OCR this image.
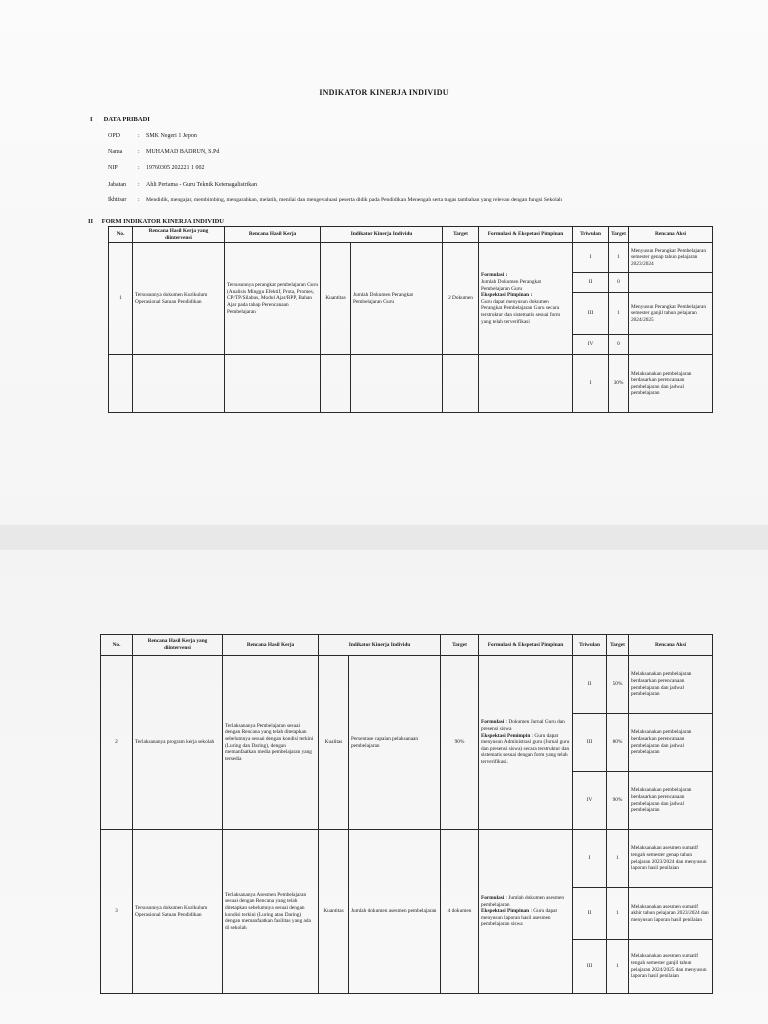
INDIKATOR KINERJA INDIVIDU
I DATA PRIBADI
OPD	:	SMK Negeri 1 Jepon
Nama	:	MUHAMAD BADRUN, S.Pd
NIP	:	19760305 202221 1 002
Jabatan	:	Ahli Pertama - Guru Teknik Ketenagalistrikan
Ikhtisar	:	Mendidik, mengajar, membimbing, mengarahkan, melatih, menilai dan mengevaluasi peserta didik pada Pendidikan Menengah serta tugas tambahan yang relevan dengan fungsi Sekolah
II FORM INDIKATOR KINERJA INDIVIDU
No.	Rencana Hasil Kerja yang diintervensi	Rencana Hasil Kerja	Indikator Kinerja Individu		Target	Formulasi & Ekspetasi Pimpinan	Triwulan	Target	Rencana Aksi
1	Tersusunnya dokumen Kurikulum Operasional Satuan Pendidikan	Tersusunnya perangkat pembelajaran Guru (Analisis Minggu Efektif, Prota, Promes, CP/TP/Silabus, Modul Ajar/RPP, Bahan Ajar pada tahap Perencanaan Pembelajaran	Kuantitas	Jumlah Dokumen Perangkat Pembelajaran Guru	2 Dokumen	Formulasi :
Jumlah Dokumen Perangkat Pembelajaran Guru
Ekspektasi Pimpinan :
Guru dapat menyusun dokumen Perangkat Pembelajaran Guru secara terstruktur dan sistematis sesuai form yang telah terverifikasi	I	1	Menyusun Perangkat Pembelajaran semester genap tahun pelajaran 2023/2024
							II	0	
							III	1	Menyusun Perangkat Pembelajaran semester ganjil tahun pelajaran 2024/2025
							IV	0	
							I	30%	Melaksanakan pembelajaran berdasarkan perencanaan pembelajaran dan jadwal pembelajaran
No.	Rencana Hasil Kerja yang diintervensi	Rencana Hasil Kerja	Indikator Kinerja Individu		Target	Formulasi & Ekspetasi Pimpinan	Triwulan	Target	Rencana Aksi
2	Terlaksananya program kerja sekolah	Terlaksananya Pembelajaran sesuai dengan Rencana yang telah ditetapkan sebelumnya sesuai dengan kondisi terkini (Luring dan Daring), dengan memanfaatkan media pembelajaran yang tersedia	Kualitas	Persentase capaian pelaksanaan pembelajaran	90%	Formulasi : Dokumen Jurnal Guru dan presensi siswa
Ekspektasi Pemimpin : Guru dapat menyusun Administrasi guru (Jurnal guru dan presensi siswa) secara terstruktur dan sistematis sesuai dengan form yang telah terverifikasi.	II	50%	Melaksanakan pembelajaran berdasarkan perencanaan pembelajaran dan jadwal pembelajaran
							III	80%	Melaksanakan pembelajaran berdasarkan perencanaan pembelajaran dan jadwal pembelajaran
							IV	90%	Melaksanakan pembelajaran berdasarkan perencanaan pembelajaran dan jadwal pembelajaran
3	Tersusunnya dokumen Kurikulum Operasional Satuan Pendidikan	Terlaksananya Asesmen Pembelajaran sesuai dengan Rencana yang telah ditetapkan sebelumnya sesuai dengan kondisi terkini (Luring atau Daring) dengan memanfaatkan fasilitas yang ada di sekolah	Kuantitas	Jumlah dokumen asesmen pembelajaran	4 dokumen	Formulasi : Jumlah dokumen asesmen pembelajaran
Ekspektasi Pimpinan : Guru dapat menyusun laporan hasil asesmen pembelajaran siswa	I	1	Melaksanakan asesmen sumatif tengah semester genap tahun pelajaran 2023/2024 dan menyusun laporan hasil penilaian
							II	1	Melaksanakan asesmen sumatif akhir tahun pelajaran 2023/2024 dan menyusun laporan hasil penilaian
							III	1	Melaksanakan asesmen sumatif tengah semester ganjil tahun pelajaran 2024/2025 dan menyusun laporan hasil penilaian
